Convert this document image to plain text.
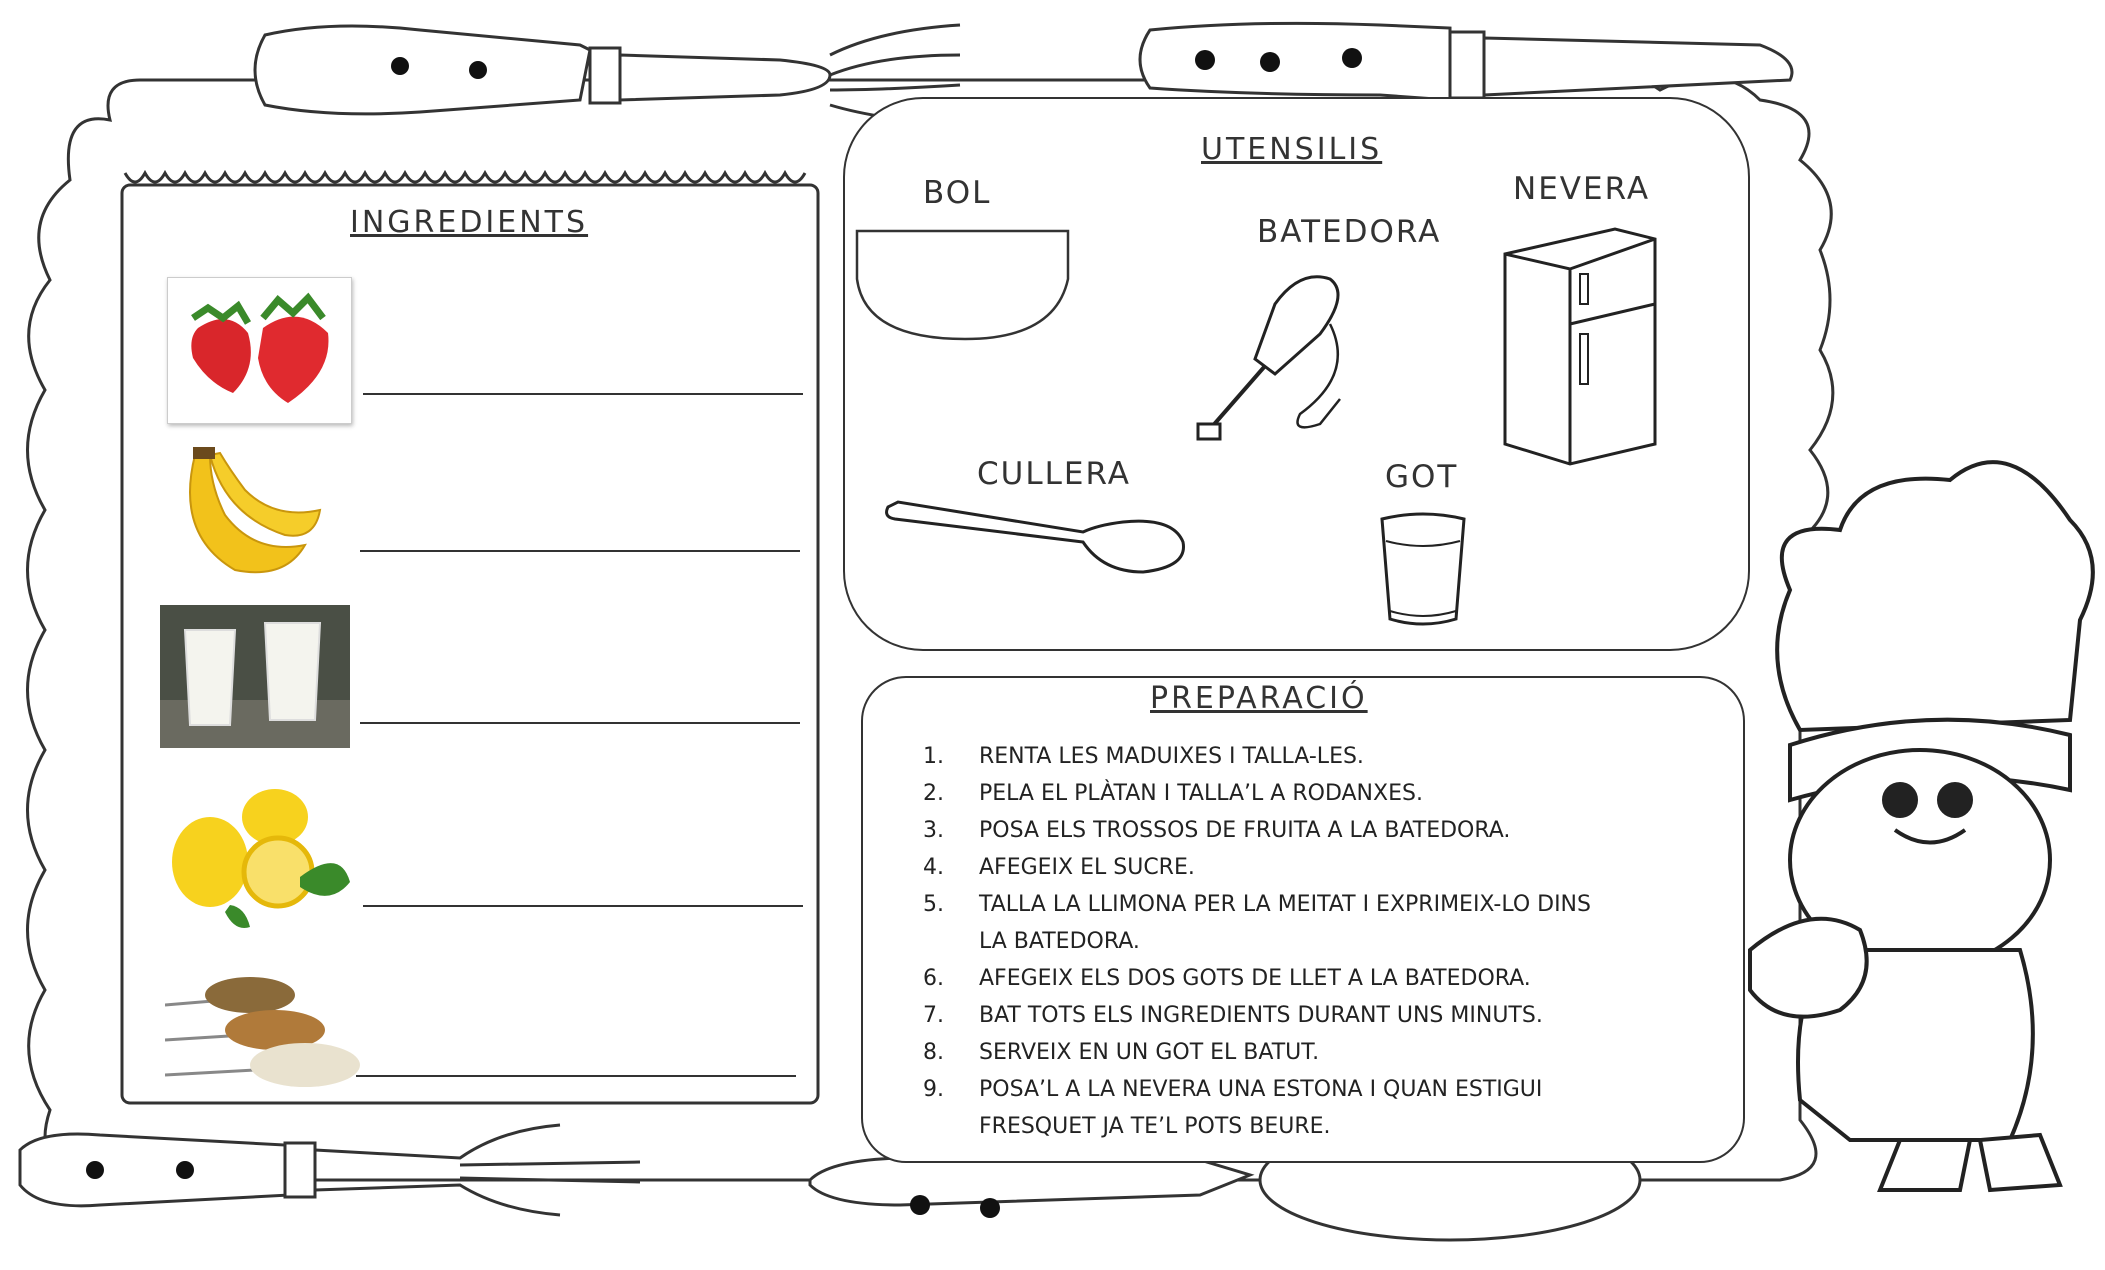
INGREDIENTS
UTENSILIS
BOL
BATEDORA
NEVERA
CULLERA	GOT
PREPARACIÓ
1.	RENTA LES MADUIXES I TALLA-LES.
2.	PELA EL PLÀTAN I TALLA’L A RODANXES.
3.	POSA ELS TROSSOS DE FRUITA A LA BATEDORA.
4.	AFEGEIX EL SUCRE.
5.	TALLA LA LLIMONA PER LA MEITAT I EXPRIMEIX-LO DINS LA BATEDORA.
6.	AFEGEIX ELS DOS GOTS DE LLET A LA BATEDORA.
7.	BAT TOTS ELS INGREDIENTS DURANT UNS MINUTS.
8.	SERVEIX EN UN GOT EL BATUT.
9.	POSA’L A LA NEVERA UNA ESTONA I QUAN ESTIGUI FRESQUET JA TE’L POTS BEURE.
